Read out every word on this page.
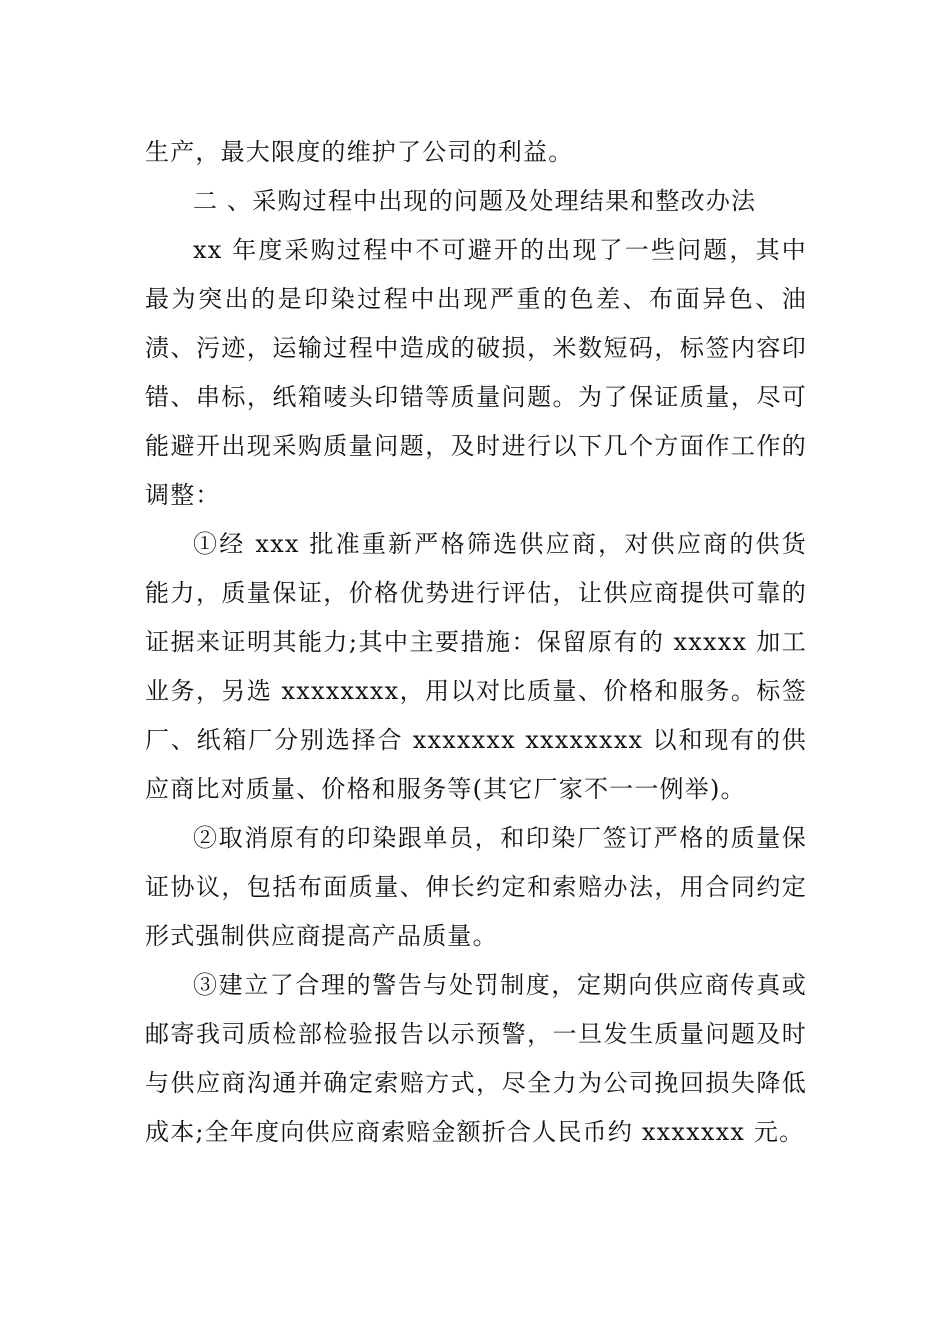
生产，最大限度的维护了公司的利益。

二 、采购过程中出现的问题及处理结果和整改办法

xx 年度采购过程中不可避开的出现了一些问题，其中最为突出的是印染过程中出现严重的色差、布面异色、油渍、污迹，运输过程中造成的破损，米数短码，标签内容印错、串标，纸箱唛头印错等质量问题。为了保证质量，尽可能避开出现采购质量问题，及时进行以下几个方面作工作的调整：

①经 xxx 批准重新严格筛选供应商，对供应商的供货能力，质量保证，价格优势进行评估，让供应商提供可靠的证据来证明其能力;其中主要措施：保留原有的 xxxxx 加工业务，另选 xxxxxxxx，用以对比质量、价格和服务。标签厂、纸箱厂分别选择合 xxxxxxx xxxxxxxx 以和现有的供应商比对质量、价格和服务等(其它厂家不一一例举)。

②取消原有的印染跟单员，和印染厂签订严格的质量保证协议，包括布面质量、伸长约定和索赔办法，用合同约定形式强制供应商提高产品质量。

③建立了合理的警告与处罚制度，定期向供应商传真或邮寄我司质检部检验报告以示预警，一旦发生质量问题及时与供应商沟通并确定索赔方式，尽全力为公司挽回损失降低成本;全年度向供应商索赔金额折合人民币约 xxxxxxx 元。
